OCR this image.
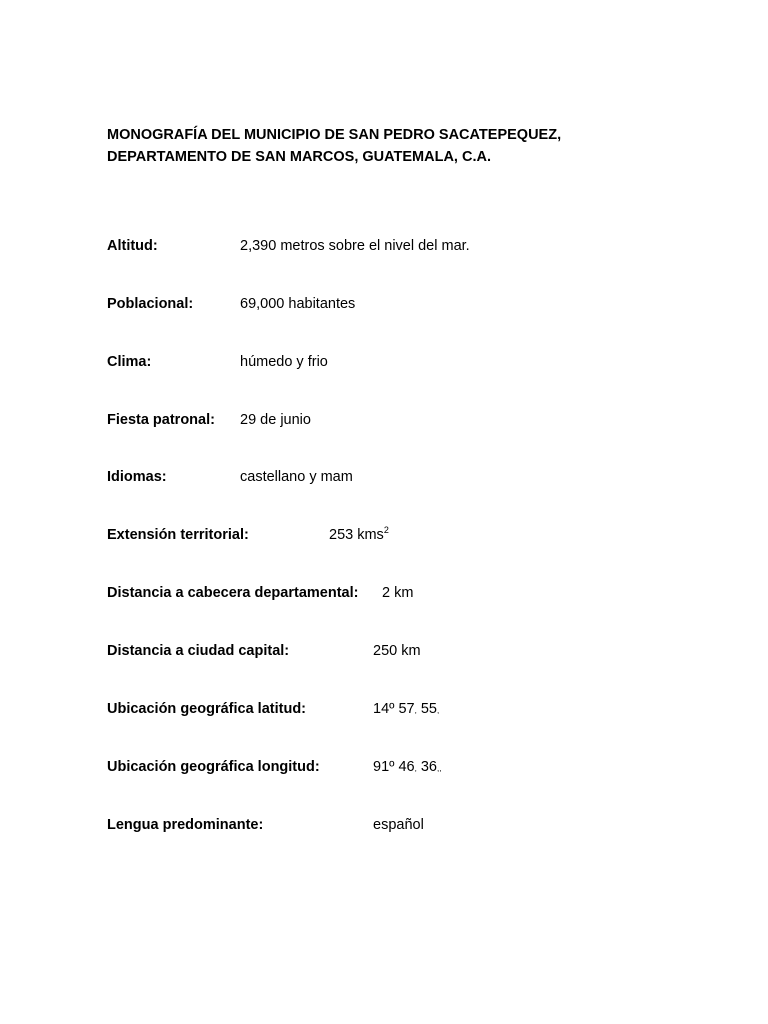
MONOGRAFÍA DEL MUNICIPIO DE SAN PEDRO SACATEPEQUEZ,
DEPARTAMENTO DE SAN MARCOS, GUATEMALA, C.A.
Altitud:	2,390 metros sobre el nivel del mar.
Poblacional:	69,000 habitantes
Clima:	húmedo y frio
Fiesta patronal: 29 de junio
Idiomas:	castellano y mam
Extensión territorial:	253 kms$^2$
Distancia a cabecera departamental: 2 km
Distancia a ciudad capital:	250 km
Ubicación geográfica latitud:	14º 57, 55,
Ubicación geográfica longitud:	91º 46, 36,,
Lengua predominante:	español
